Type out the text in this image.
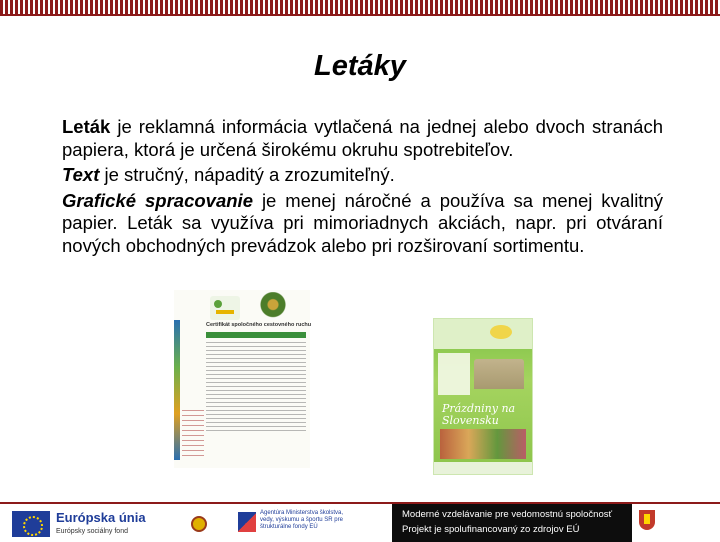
Letáky

Leták je reklamná informácia vytlačená na jednej alebo dvoch stranách papiera, ktorá je určená širokému okruhu spotrebiteľov.

Text je stručný, nápaditý a zrozumiteľný.

Grafické spracovanie je menej náročné a používa sa menej kvalitný papier. Leták sa využíva pri mimoriadnych akciách, napr. pri otváraní nových obchodných prevádzok alebo pri rozširovaní sortimentu.

Certifikát spoločného cestovného ruchu
Prázdniny na Slovensku
Európska únia
Európsky sociálny fond
Agentúra Ministerstva školstva, vedy, výskumu a športu SR pre štrukturálne fondy EÚ
Moderné vzdelávanie pre vedomostnú spoločnosť
Projekt je spolufinancovaný zo zdrojov EÚ
